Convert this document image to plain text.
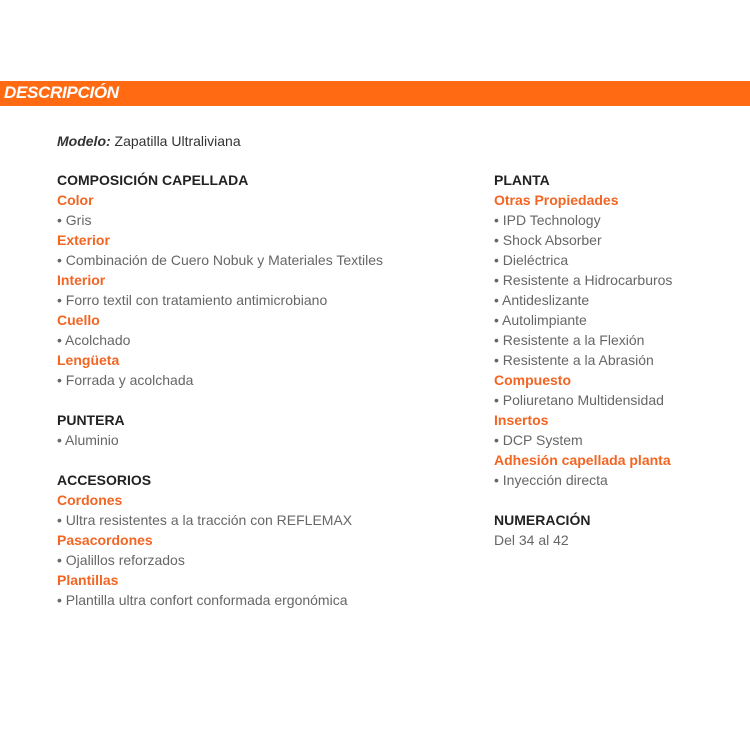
DESCRIPCIÓN
Modelo: Zapatilla Ultraliviana
COMPOSICIÓN CAPELLADA
Color
• Gris
Exterior
• Combinación de Cuero Nobuk y Materiales Textiles
Interior
• Forro textil con tratamiento antimicrobiano
Cuello
• Acolchado
Lengüeta
• Forrada y acolchada
PUNTERA
• Aluminio
ACCESORIOS
Cordones
• Ultra resistentes a la tracción con REFLEMAX
Pasacordones
• Ojalillos reforzados
Plantillas
• Plantilla ultra confort conformada ergonómica
PLANTA
Otras Propiedades
• IPD Technology
• Shock Absorber
• Dieléctrica
• Resistente a Hidrocarburos
• Antideslizante
• Autolimpiante
• Resistente a la Flexión
• Resistente a la Abrasión
Compuesto
• Poliuretano Multidensidad
Insertos
• DCP System
Adhesión capellada planta
• Inyección directa
NUMERACIÓN
Del 34 al 42
